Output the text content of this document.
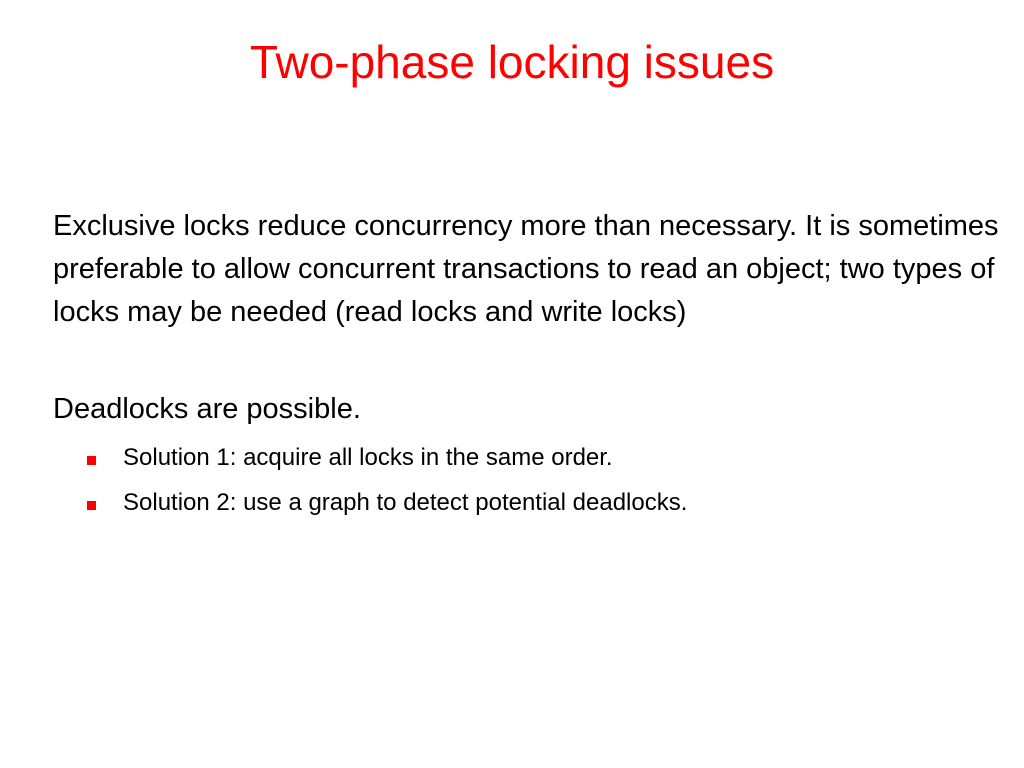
Two-phase locking issues

Exclusive locks reduce concurrency more than necessary. It is sometimes preferable to allow concurrent transactions to read an object; two types of locks may be needed (read locks and write locks)

Deadlocks are possible.

Solution 1: acquire all locks in the same order.
Solution 2: use a graph to detect potential deadlocks.
